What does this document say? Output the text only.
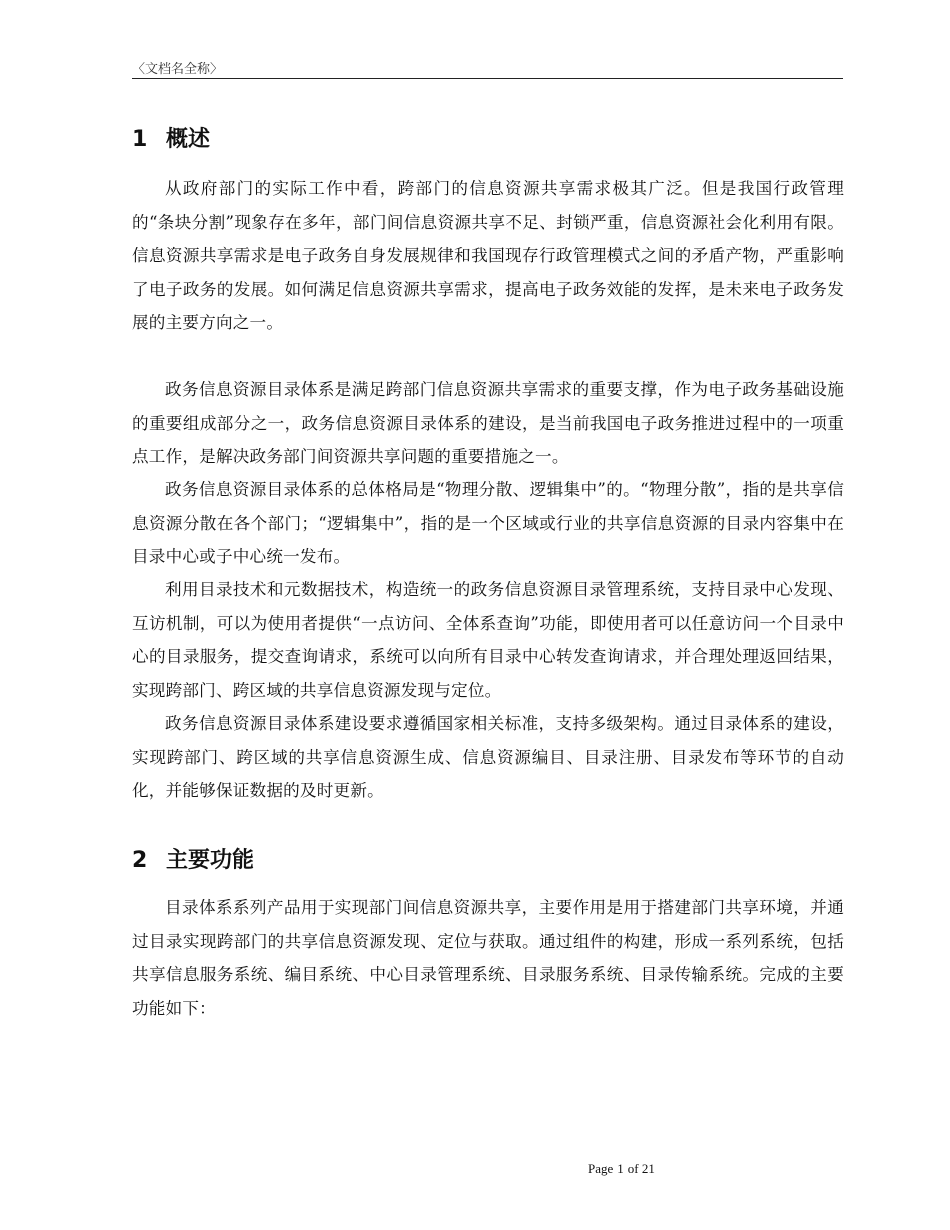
〈文档名全称〉
1 概述

从政府部门的实际工作中看，跨部门的信息资源共享需求极其广泛。但是我国行政管理的“条块分割”现象存在多年，部门间信息资源共享不足、封锁严重，信息资源社会化利用有限。信息资源共享需求是电子政务自身发展规律和我国现存行政管理模式之间的矛盾产物，严重影响了电子政务的发展。如何满足信息资源共享需求，提高电子政务效能的发挥，是未来电子政务发展的主要方向之一。

政务信息资源目录体系是满足跨部门信息资源共享需求的重要支撑，作为电子政务基础设施的重要组成部分之一，政务信息资源目录体系的建设，是当前我国电子政务推进过程中的一项重点工作，是解决政务部门间资源共享问题的重要措施之一。

政务信息资源目录体系的总体格局是“物理分散、逻辑集中”的。“物理分散”，指的是共享信息资源分散在各个部门；“逻辑集中”，指的是一个区域或行业的共享信息资源的目录内容集中在目录中心或子中心统一发布。

利用目录技术和元数据技术，构造统一的政务信息资源目录管理系统，支持目录中心发现、互访机制，可以为使用者提供“一点访问、全体系查询”功能，即使用者可以任意访问一个目录中心的目录服务，提交查询请求，系统可以向所有目录中心转发查询请求，并合理处理返回结果，实现跨部门、跨区域的共享信息资源发现与定位。

政务信息资源目录体系建设要求遵循国家相关标准，支持多级架构。通过目录体系的建设，实现跨部门、跨区域的共享信息资源生成、信息资源编目、目录注册、目录发布等环节的自动化，并能够保证数据的及时更新。

2 主要功能

目录体系系列产品用于实现部门间信息资源共享，主要作用是用于搭建部门共享环境，并通过目录实现跨部门的共享信息资源发现、定位与获取。通过组件的构建，形成一系列系统，包括共享信息服务系统、编目系统、中心目录管理系统、目录服务系统、目录传输系统。完成的主要功能如下：

Page 1 of 21
